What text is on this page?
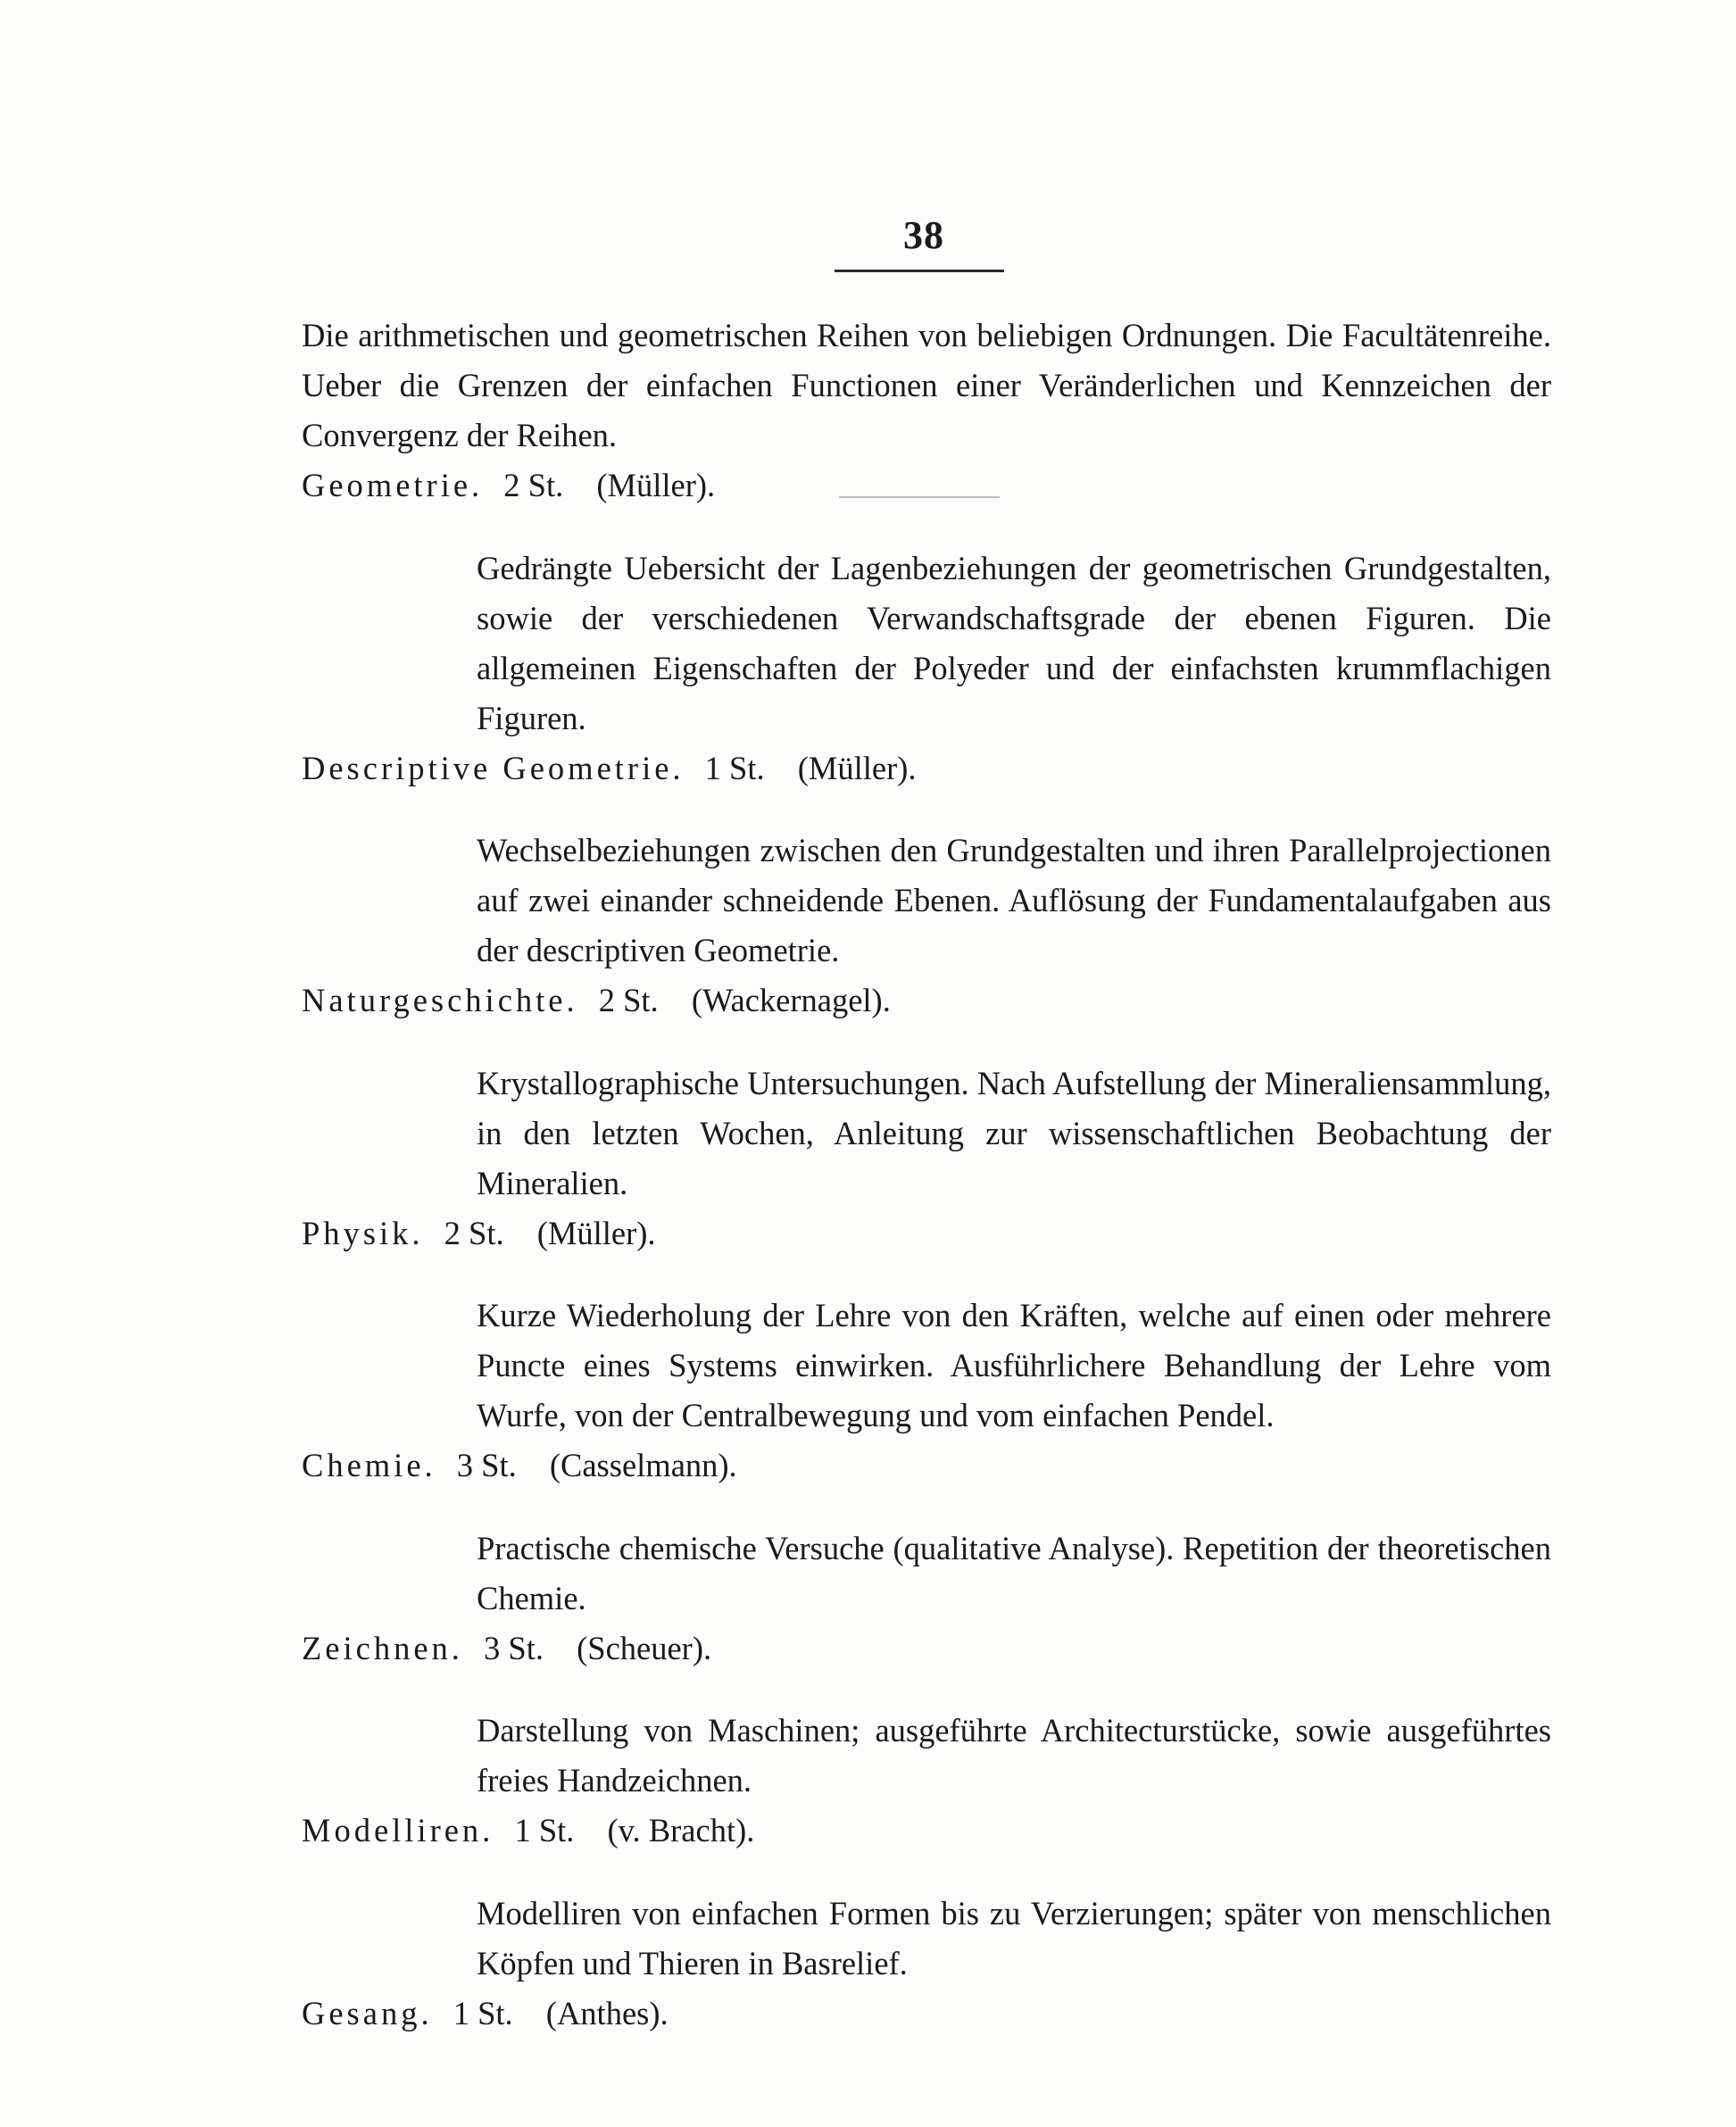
38

Die arithmetischen und geometrischen Reihen von beliebigen Ordnungen. Die Facultätenreihe. Ueber die Grenzen der einfachen Functionen einer Veränderlichen und Kennzeichen der Convergenz der Reihen.

Geometrie. 2 St. (Müller).

Gedrängte Uebersicht der Lagenbeziehungen der geometrischen Grundgestalten, sowie der verschiedenen Verwandschaftsgrade der ebenen Figuren. Die allgemeinen Eigenschaften der Polyeder und der einfachsten krummflachigen Figuren.

Descriptive Geometrie. 1 St. (Müller).

Wechselbeziehungen zwischen den Grundgestalten und ihren Parallelprojectionen auf zwei einander schneidende Ebenen. Auflösung der Fundamentalaufgaben aus der descriptiven Geometrie.

Naturgeschichte. 2 St. (Wackernagel).

Krystallographische Untersuchungen. Nach Aufstellung der Mineraliensammlung, in den letzten Wochen, Anleitung zur wissenschaftlichen Beobachtung der Mineralien.

Physik. 2 St. (Müller).

Kurze Wiederholung der Lehre von den Kräften, welche auf einen oder mehrere Puncte eines Systems einwirken. Ausführlichere Behandlung der Lehre vom Wurfe, von der Centralbewegung und vom einfachen Pendel.

Chemie. 3 St. (Casselmann).

Practische chemische Versuche (qualitative Analyse). Repetition der theoretischen Chemie.

Zeichnen. 3 St. (Scheuer).

Darstellung von Maschinen; ausgeführte Architecturstücke, sowie ausgeführtes freies Handzeichnen.

Modelliren. 1 St. (v. Bracht).

Modelliren von einfachen Formen bis zu Verzierungen; später von menschlichen Köpfen und Thieren in Basrelief.

Gesang. 1 St. (Anthes).
